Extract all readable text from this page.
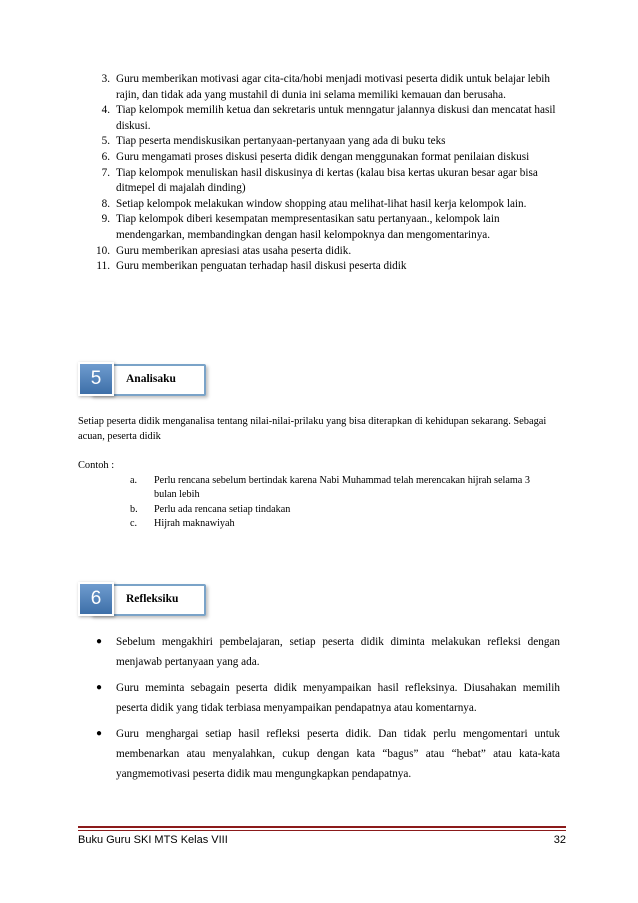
3. Guru memberikan motivasi agar cita-cita/hobi menjadi motivasi peserta didik untuk belajar lebih rajin, dan tidak ada yang mustahil di dunia ini selama memiliki kemauan dan berusaha.
4. Tiap kelompok memilih ketua dan sekretaris untuk menngatur jalannya diskusi dan mencatat hasil diskusi.
5. Tiap peserta mendiskusikan pertanyaan-pertanyaan yang ada di buku teks
6. Guru mengamati proses diskusi peserta didik dengan menggunakan format penilaian diskusi
7. Tiap kelompok menuliskan hasil diskusinya di kertas (kalau bisa kertas ukuran besar agar bisa ditmepel di majalah dinding)
8. Setiap kelompok melakukan window shopping atau melihat-lihat hasil kerja kelompok lain.
9. Tiap kelompok diberi kesempatan mempresentasikan satu pertanyaan., kelompok lain mendengarkan, membandingkan dengan hasil kelompoknya dan mengomentarinya.
10. Guru memberikan apresiasi atas usaha peserta didik.
11. Guru memberikan penguatan terhadap hasil diskusi peserta didik
5	Analisaku
Setiap peserta didik menganalisa tentang nilai-nilai-prilaku yang bisa diterapkan di kehidupan sekarang. Sebagai acuan, peserta didik
Contoh :
a. Perlu rencana sebelum bertindak karena Nabi Muhammad telah merencakan hijrah selama 3 bulan lebih
b. Perlu ada rencana setiap tindakan
c. Hijrah maknawiyah
6	Refleksiku
● Sebelum mengakhiri pembelajaran, setiap peserta didik diminta melakukan refleksi dengan menjawab pertanyaan yang ada.
● Guru meminta sebagain peserta didik menyampaikan hasil refleksinya. Diusahakan memilih peserta didik yang tidak terbiasa menyampaikan pendapatnya atau komentarnya.
● Guru menghargai setiap hasil refleksi peserta didik. Dan tidak perlu mengomentari untuk membenarkan atau menyalahkan, cukup dengan kata “bagus” atau “hebat” atau kata-kata yangmemotivasi peserta didik mau mengungkapkan pendapatnya.
Buku Guru SKI MTS Kelas VIII	32
